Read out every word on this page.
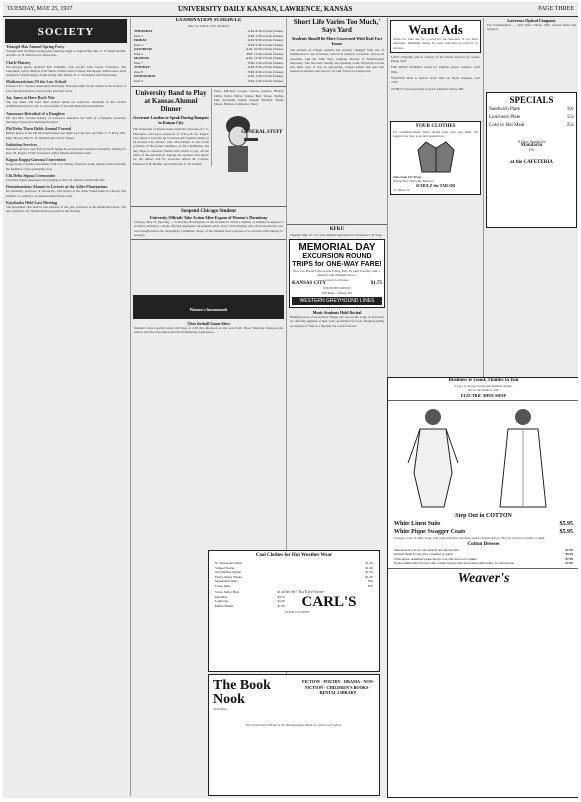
TUESDAY, MAY 25, 1937	UNIVERSITY DAILY KANSAN, LAWRENCE, KANSAS	PAGE THREE
SOCIETY
Triangle Has Annual Spring Party

Triangle held its annual spring party Saturday night at Eagles' Hall. Mrs. S. S. White and Mr. and Mrs. D. B. Dalton were chaperones.

Clark-Matney

Out-of-town guests included Bob Williams, Jack Jewell, John Jordan, Lawrence, Ted Lutterman, Lenox Shugart, Fred Smith, Charles Ward, Charles Detchpugh, John Kearns, Arch Anderson, Charles Riggs, Frank Young, Bert Barber, D. L. Truckland, and Chet Kelley.

Mathematicians Of the Law School

Professor P. J. Stevens entertained informally Thursday night for the seniors in the School of Law and the members of the faculty and their wives.

Jay Janes to Have Buck Nite

The Jay Janes will hold their annual spring tea tomorrow afternoon in the Central Administration rest room. A color scheme of red and white will predominate.

Announce Betrothal of a Daughter

Mr. and Mrs. Gordon Kinney of Lawrence announce the birth of a daughter yesterday morning at Lawrence Memorial hospital.

Phi Delta Theta Holds Annual Formal

Dinner guests at the Phi Mu Alpha house last night were the Rev. and Mrs. E. F. Price, Mrs. Mary Howey, Mrs. C. D. Sheehan and Clover Staiger.

Initiation Services

Initiation services were held by Delta Sigma Pi, professional commerce fraternity, Sunday for Isaac M. Rogers, Frank Townsend, James Shields and Robert Alm.

Kappa Kappa Gamma Convention

Kappa Kappa Gamma entertained with a tea Sunday afternoon at the chapter house honoring the members of the graduating class.

Chi Delta Sigma Ceremonies

Chi Delta Sigma announces the pledging of Alice D. Dennis, Chillicothe, Mo.

Denominations Alumni to Lecture at the Adler Planetarium

Dr. Donnelly, professor of astronomy, will lecture at the Adler Planetarium in Chicago this summer, according to an announcement made today.

Kaydunka Hold Last Meeting

The Kaydunka club held its last meeting of the year yesterday in the Memorial Union. The new president, Jay Westmoreland, presided at the meeting.

EXAMINATION SCHEDULE
June 3 to June 8, 1937, Inclusive
THURSDAY	A.M. 8:30 o'clock Classes
June 3	P.M. 1:30 o'clock Classes
FRIDAY	A.M. 9:30 o'clock Classes
June 4	P.M. 2:30 o'clock Classes
SATURDAY	A.M. 10:30 o'clock Classes
June 5	P.M. 11:30 o'clock Classes
MONDAY	A.M. 11:30 o'clock Classes
June 7	P.M. 3:30 o'clock Classes
TUESDAY	A.M. 8:30 o'clock Classes
June 8	P.M. 4:30 o'clock Classes
WEDNESDAY	A.M. 1:30 o'clock Classes
June 9	P.M. 2:30 o'clock Classes
University Band to Play at Kansas Alumni Dinner
Governor Landon to Speak During Banquet in Kansas City
The University of Kansas band, under the direction of J. C. McCanles, will leave tomorrow at 3:30 p.m. for Kansas City where it will play for Governor Alf Landon's dinner at the Kansas City Athletic club. The banquet is one of the activities of the former members of the commission and they hope to entertain friends with which to pay off the debts of the association. Among the speakers and guests for the dinner will be Governor Alfred M. Landon, Professor F. H. Hodder, and Chancellor E. H. Lindley.
Yates, Mitchell, Cooper, Graves, Argnew, Blandy, Smith, Taylor, Huber, Walker, Beil, Torsey, Shaffer, Pike, Kowalski, Sillian, Arnold, Brendler, Smith, Moses, Hudson, Lamnaster, Toner.
GENERAL STUFF
Suspend Chicago Student
University Officials Take Action After Expose of Women's Dormitory
Chicago, May 25 (Special) — Following investigation of the incident in which a number of students trespassed a women's dormitory, college officials suspended one student today. Over 1,500 students were involved and the case was brought before the disciplinary committee. Many of the students were reported to be arrested with damage to property.
Women's Intramurals
Chez Sorhall Game Stirs
Women's class baseball teams will meet at 4:30 this afternoon on the west field. Those Thursday afternoon the seniors will meet the juniors and the freshmen the sophomores.
Short Life Varies Too Much,' Says Yard
Students Should Be More Concerned With Real Fact Issues
The attitude of college students has recently changed from one of indifference to one of intense concern in political, economic, and social problems, said Dr. John Yard, religious director at Northwestern university, who has been visiting and speaking at the University for the past three days. It was an easy-going, college leisure and ease that American students were used to, he said. That is no longer true.
KFKU
Tuesday, May 25. 5:15 p.m. Athletic Question box, Professor J. H. Sapp.
MEMORIAL DAY
EXCURSION ROUND TRIPS for ONE-WAY FARE!
Now low Round Trips on sale Friday, May 28, until Tuesday, June 1. Return Limit midnight June 2.
Good on all buses
KANSAS CITY	$1.75
UNION BUS DEPOT
638 Mass.—Phone 593
WESTERN GREYHOUND LINES
Music Students Hold Recital
Building paces of Greenwich Village who are on the verge of starvation are offering originals of their work on children for food. Imagine getting an original of "Ode to a Skylark" for a loaf of bread.
Want Ads
Terms for want ads: 2c a word for one insertion, 5c for three insertions. Minimum charge 25 cents. Ads must be paid for in advance.

LOST: Fraternity pin in vicinity of the Union. Reward for return. Phone 1410.

FOR RENT: Furnished rooms for summer school students. 1322 Ohio.

WANTED: Ride to Denver about June 10. Share expenses. Call 2193.

TO BUY: Used typewriter in good condition. Phone 288.

YOUR CLOTHES
For Commencement Week should look crisp and fresh. We suggest you have your suit cleaned now.
Suits from $17.50 up
Suiting You, That's My Business
SCHULZ the TAILOR
717 Mass. St.
Lawrence Optical Company

Eye Examinations — 1025 Mass. Phone 1500. Glasses fitted and repaired.

SPECIALS
Sandwich Plate	10c
Luncheon Plate	15c
Cold or Hot Meal	25c
A New Sandwich
Mandarin
10c
at the CAFETERIA
Cool Clothes for Hot Weather Wear
N. Seersucker Pants	$1.25
Striped Slacks	$1.65
Nob Pattern Slacks	$1.95
Fancy Stripe Slacks	$1.95
Seersucker Suits	$10
Linen Suits	$10
Straw Sailor Hats	$1.65
Panamas	$3.75
Leghorns	$3.50
Palmo Braids	$1.95
Yes Sir! You'll feel better
CARL'S
GOOD CLOTHES
The Book Nook
1021 Mass.
FICTION · POETRY · DRAMA · NON-FICTION · CHILDREN'S BOOKS · RENTAL LIBRARY
The Ownership of Books Is the Distinguishing Mark of a Person of Culture.
Business Is Good. Thanks to You
It pays to do good work and maintain quality.
We do 'em while U wait.
ELECTRIC SHOE SHOP
Step Out in COTTON
White Linen Suits	$5.95
White Pique Swagger Coats	$5.95
Swagger coats of white pique with wide shoulders and three-quarter length sleeves. May be worn for daytime or night.
Cotton Dresses
Matelassé frocks in cool pastels and button trim	$7.95
Knitted mesh frocks give a feeling of gaiety	$5.95
Trim-pique. A knitted pique that is cool and does not wrinkle	$7.95
Eyelet embroidery frocks with a white background and pastel embroidery for afternoons	$7.95
Weaver's
